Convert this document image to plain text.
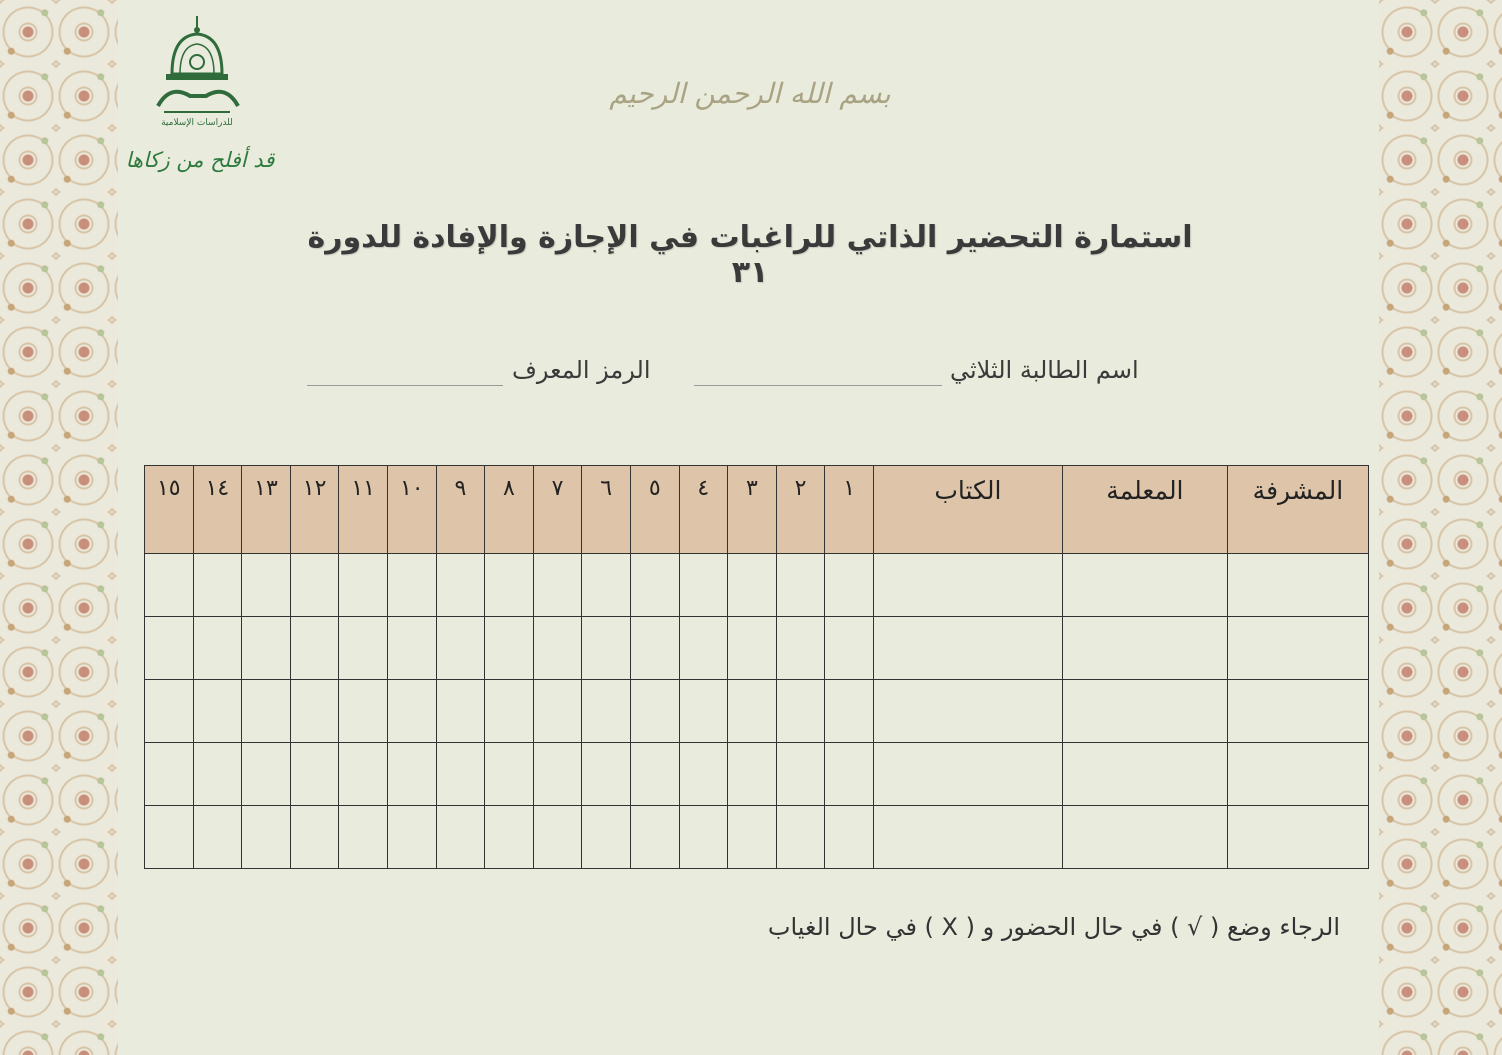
للدراسات الإسلامية
قد أفلح من زكاها
بسم الله الرحمن الرحيم
استمارة التحضير الذاتي للراغبات في الإجازة والإفادة للدورة ٣١
اسم الطالبة الثلاثي
الرمز المعرف
المشرفة	المعلمة	الكتاب	١	٢	٣	٤	٥	٦	٧	٨	٩	١٠	١١	١٢	١٣	١٤	١٥

الرجاء وضع ( √ ) في حال الحضور و ( X ) في حال الغياب
